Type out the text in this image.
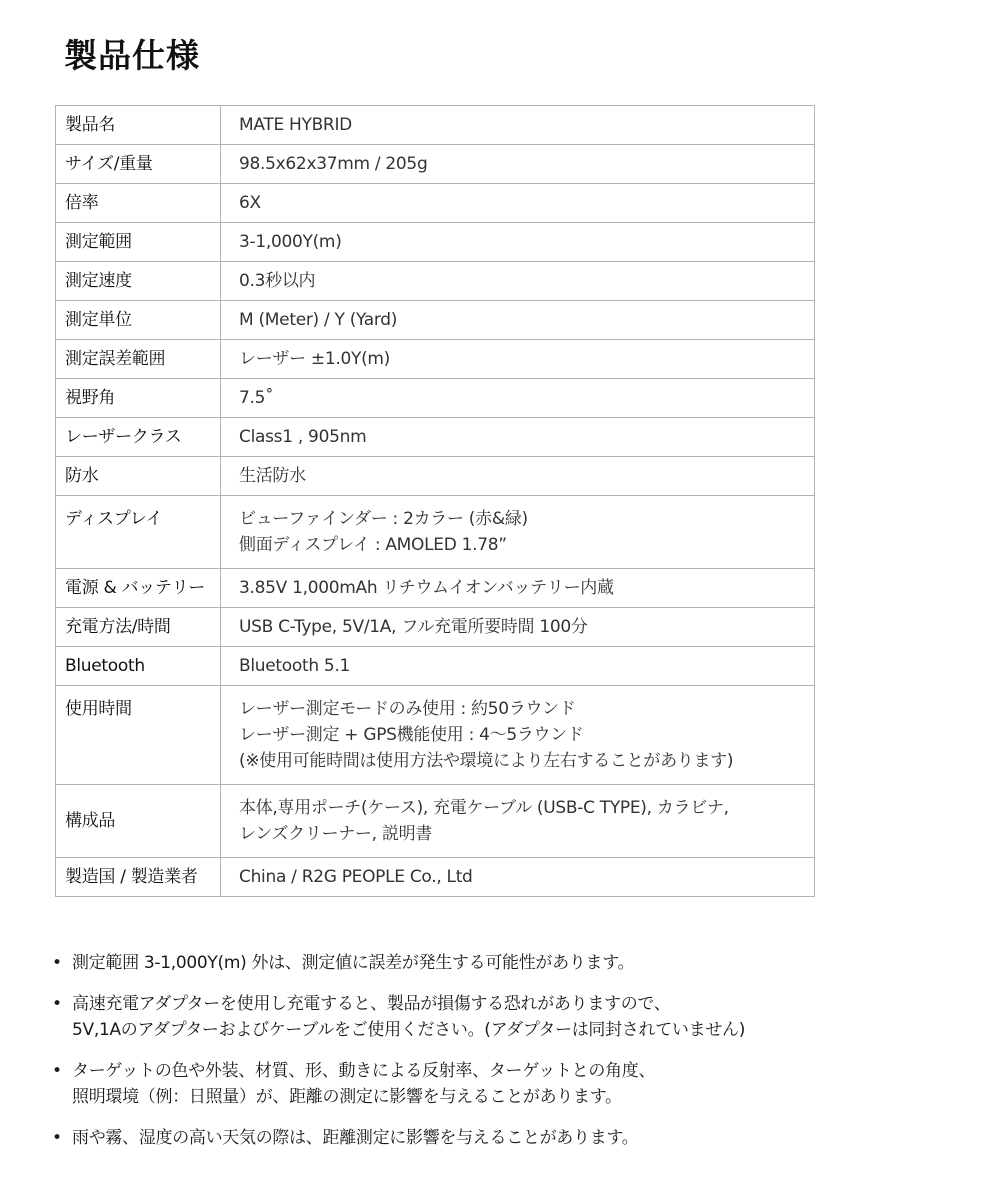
製品仕様
製品名	MATE HYBRID

サイズ/重量	98.5x62x37mm / 205g

倍率	6X

測定範囲	3-1,000Y(m)

測定速度	0.3秒以内

測定単位	M (Meter) / Y (Yard)

測定誤差範囲	レーザー ±1.0Y(m)

視野角	7.5˚

レーザークラス	Class1 , 905nm

防水	生活防水

ディスプレイ	ビューファインダー : 2カラー (赤&緑)
側面ディスプレイ : AMOLED 1.78”

電源 & バッテリー	3.85V 1,000mAh リチウムイオンバッテリー内蔵

充電方法/時間	USB C-Type, 5V/1A, フル充電所要時間 100分

Bluetooth	Bluetooth 5.1

使用時間	レーザー測定モードのみ使用 : 約50ラウンド
レーザー測定 + GPS機能使用 : 4〜5ラウンド
(※使用可能時間は使用方法や環境により左右することがあります)

構成品	本体,専用ポーチ(ケース), 充電ケーブル (USB-C TYPE), カラビナ,
レンズクリーナー, 説明書

製造国 / 製造業者	China / R2G PEOPLE Co., Ltd
• 測定範囲 3-1,000Y(m) 外は、測定値に誤差が発生する可能性があります。
• 高速充電アダプターを使用し充電すると、製品が損傷する恐れがありますので、
5V,1Aのアダプターおよびケーブルをご使用ください。(アダプターは同封されていません)
• ターゲットの色や外装、材質、形、動きによる反射率、ターゲットとの角度、
照明環境（例：日照量）が、距離の測定に影響を与えることがあります。
• 雨や霧、湿度の高い天気の際は、距離測定に影響を与えることがあります。
